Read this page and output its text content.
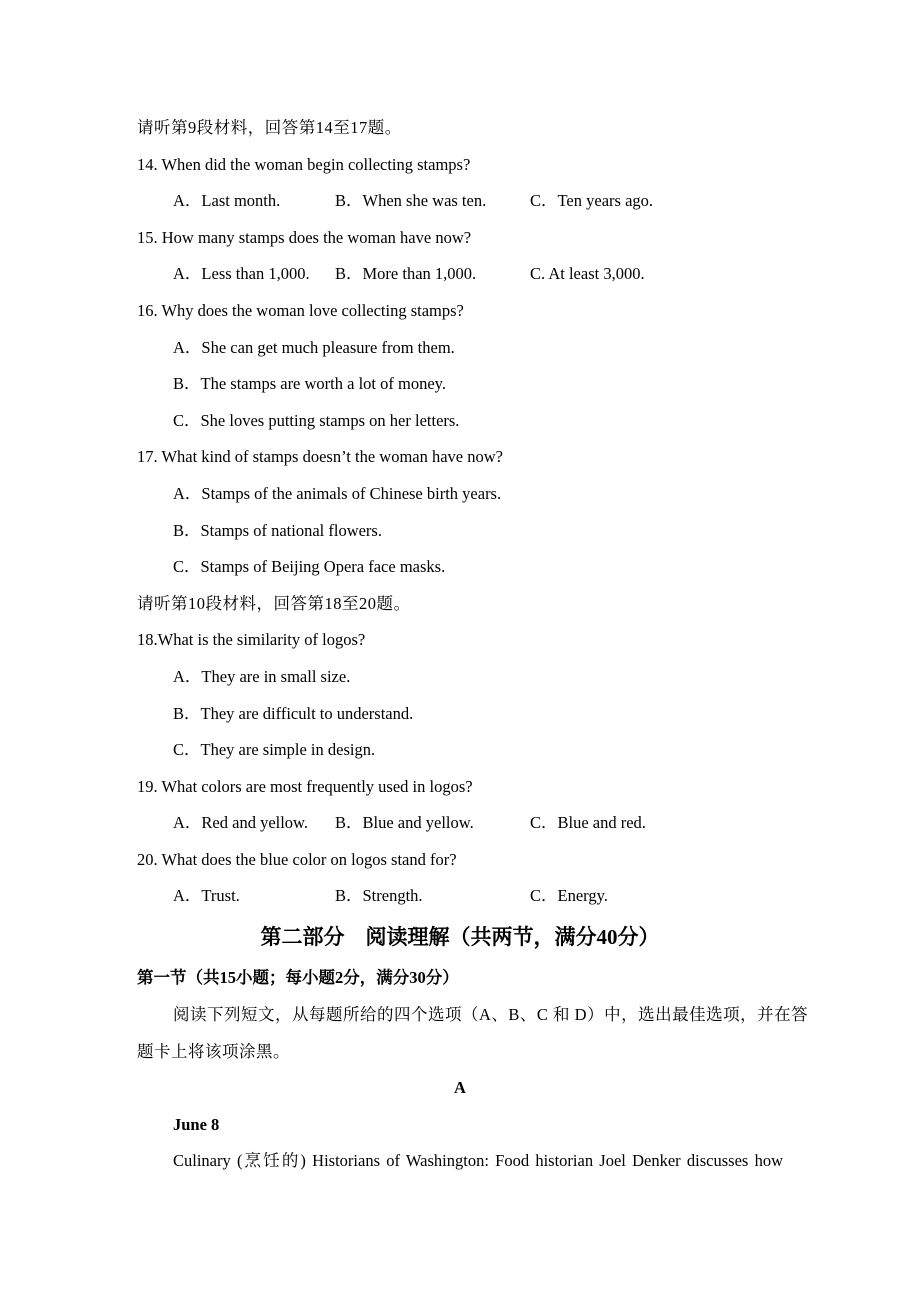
请听第9段材料，回答第14至17题。
14. When did the woman begin collecting stamps?
A．Last month.	B．When she was ten.	C．Ten years ago.
15. How many stamps does the woman have now?
A．Less than 1,000.	B．More than 1,000.	C. At least 3,000.
16. Why does the woman love collecting stamps?
A．She can get much pleasure from them.
B．The stamps are worth a lot of money.
C．She loves putting stamps on her letters.
17. What kind of stamps doesn’t the woman have now?
A．Stamps of the animals of Chinese birth years.
B．Stamps of national flowers.
C．Stamps of Beijing Opera face masks.
请听第10段材料，回答第18至20题。
18.What is the similarity of logos?
A．They are in small size.
B．They are difficult to understand.
C．They are simple in design.
19. What colors are most frequently used in logos?
A．Red and yellow.	B．Blue and yellow.	C．Blue and red.
20. What does the blue color on logos stand for?
A．Trust.	B．Strength.	C．Energy.
第二部分　阅读理解（共两节，满分40分）
第一节（共15小题；每小题2分，满分30分）
阅读下列短文，从每题所给的四个选项（A、B、C 和 D）中，选出最佳选项，并在答
题卡上将该项涂黑。
A
June 8
Culinary (烹饪的) Historians of Washington: Food historian Joel Denker discusses how
